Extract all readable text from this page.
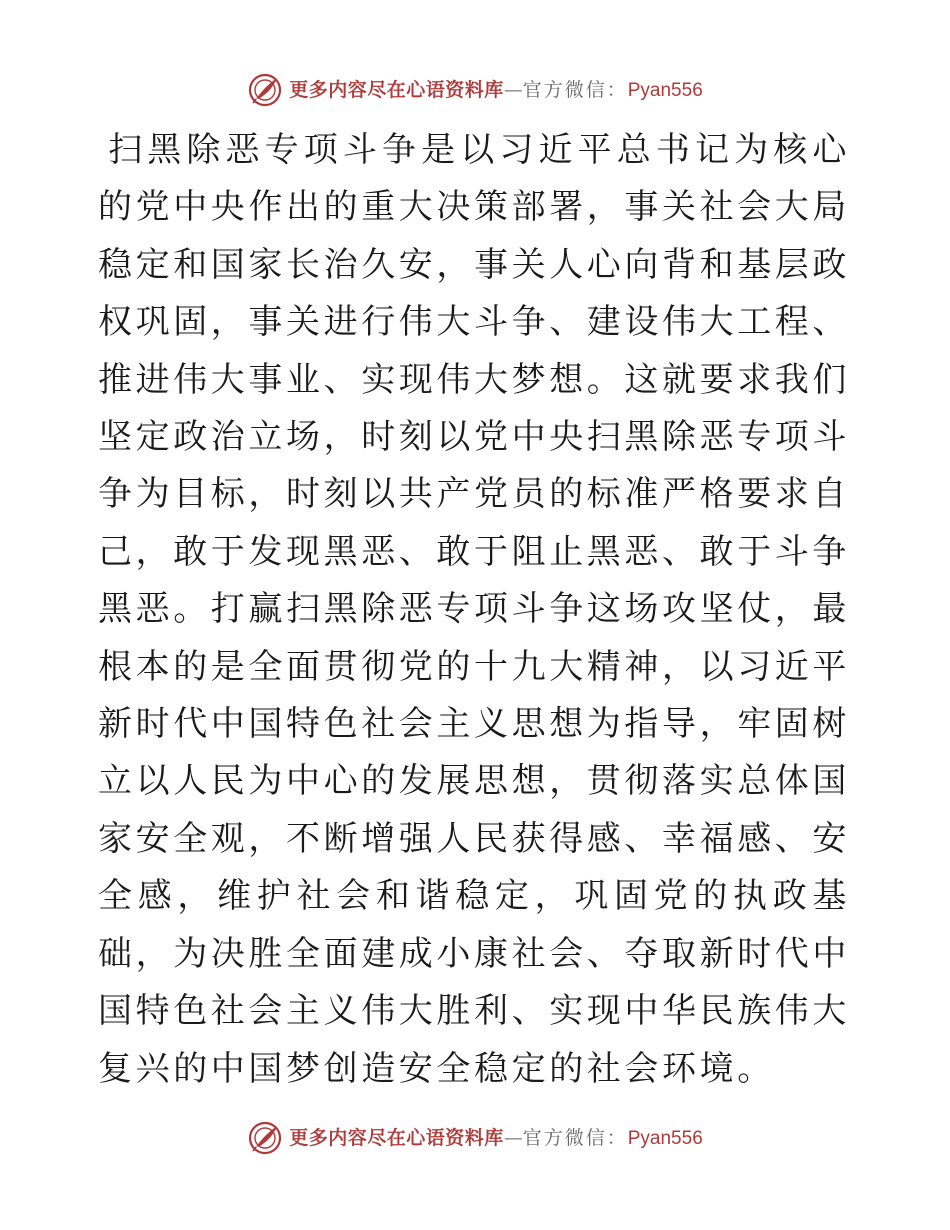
更多内容尽在心语资料库 — 官方微信： Pyan556

扫黑除恶专项斗争是以习近平总书记为核心的党中央作出的重大决策部署，事关社会大局稳定和国家长治久安，事关人心向背和基层政权巩固，事关进行伟大斗争、建设伟大工程、推进伟大事业、实现伟大梦想。这就要求我们坚定政治立场，时刻以党中央扫黑除恶专项斗争为目标，时刻以共产党员的标准严格要求自己，敢于发现黑恶、敢于阻止黑恶、敢于斗争黑恶。打赢扫黑除恶专项斗争这场攻坚仗，最根本的是全面贯彻党的十九大精神，以习近平新时代中国特色社会主义思想为指导，牢固树立以人民为中心的发展思想，贯彻落实总体国家安全观，不断增强人民获得感、幸福感、安全感，维护社会和谐稳定，巩固党的执政基础，为决胜全面建成小康社会、夺取新时代中国特色社会主义伟大胜利、实现中华民族伟大复兴的中国梦创造安全稳定的社会环境。

更多内容尽在心语资料库 — 官方微信： Pyan556
